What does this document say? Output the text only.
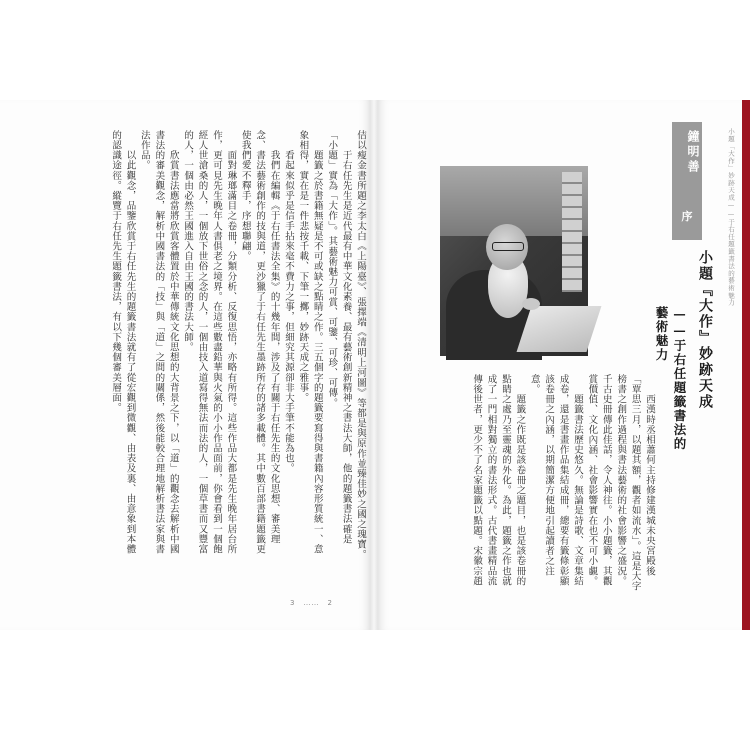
佶以瘦金書所題之李太白《上陽臺》、張擇端《清明上河圖》等都是與原作並臻佳妙之國之瑰寶。
　　于右任先生是近代最有中華文化素養、最有藝術創新精神之書法大師，他的題籤書法確是「小題」實為「大作」。其藝術魅力可賞、可鑒、可珍、可傳。
　　題籤之於書籍無疑是不可或缺之點睛之作。三五個字的題籤要寫得與書籍內容形質統一、意象相得，實在是一件悲按千載、下筆一擲，妙跡天成之雅事。
　　看起來似乎是信手拈來毫不費力之事，但細究其源卻非大手筆不能為也。
　　我們在編輯《于右任書法全集》的十幾年間，涉及了有關于右任先生的文化思想、審美理念、書法藝術創作的技與道，更沙獵了于右任先生墨跡所存的諸多載體。其中數百部書籍題籤更使我們愛不釋手，序想聯翩。
　　面對琳瑯滿目之卷冊，分類分析、反復思悟，亦略有所得。這些作品大都是先生晚年居台所作，更可見先生晚年人書俱老之境界。在這些數盡鉛華與火氣的小小作品面前，你會看到一個飽經人世滄桑的人，一個放下世俗之念的人，一個由技入道寫得無法而法的人，一個草書而又豐富的人，一個由必然王國進入自由王國的書法大師。
　　欣賞書法應當將欣賞客體置於中華傳統文化思想的大背景之下，以「道」的觀念去解析中國書法的審美觀念，解析中國書法的「技」與「道」之間的關係，然後能較合理地解析書法家與書法作品。
　　以此觀念，品鑒欣賞于右任先生的題籤書法就有了從宏觀到微觀、由表及裏、由意象到本體的認識途徑。縱覽于右任先生題籤書法，有以下幾個審美層面。
3　……　2
小題「大作」妙跡天成——于右任題籤書法的藝術魅力
鐘明善
序
小題『大作』妙跡天成
——于右任題籤書法的藝術魅力
　　西漢時丞相蕭何主持修建漢城未央宮殿後「覃思三月，以題其額，觀者如流水」。這是大字榜書之創作過程與書法藝術的社會影響之盛況。千古史冊傳此佳話，令人神往。小小題籤，其觀賞價值、文化內涵、社會影響實在也不可小覷。
　　題籤書法歷史悠久。無論是詩歌、文章集結成卷，還是書畫作品集結成冊，總要有籤條彰顯該卷冊之內涵，以期簡潔方便地引起讀者之注意。
　　題籤之作既是該卷冊之題目，也是該卷冊的點睛之處乃至靈魂的外化。為此，題籤之作也就成了一門相對獨立的書法形式。古代書畫精品流傳後世者，更少不了名家題籤以點題。宋徽宗趙
